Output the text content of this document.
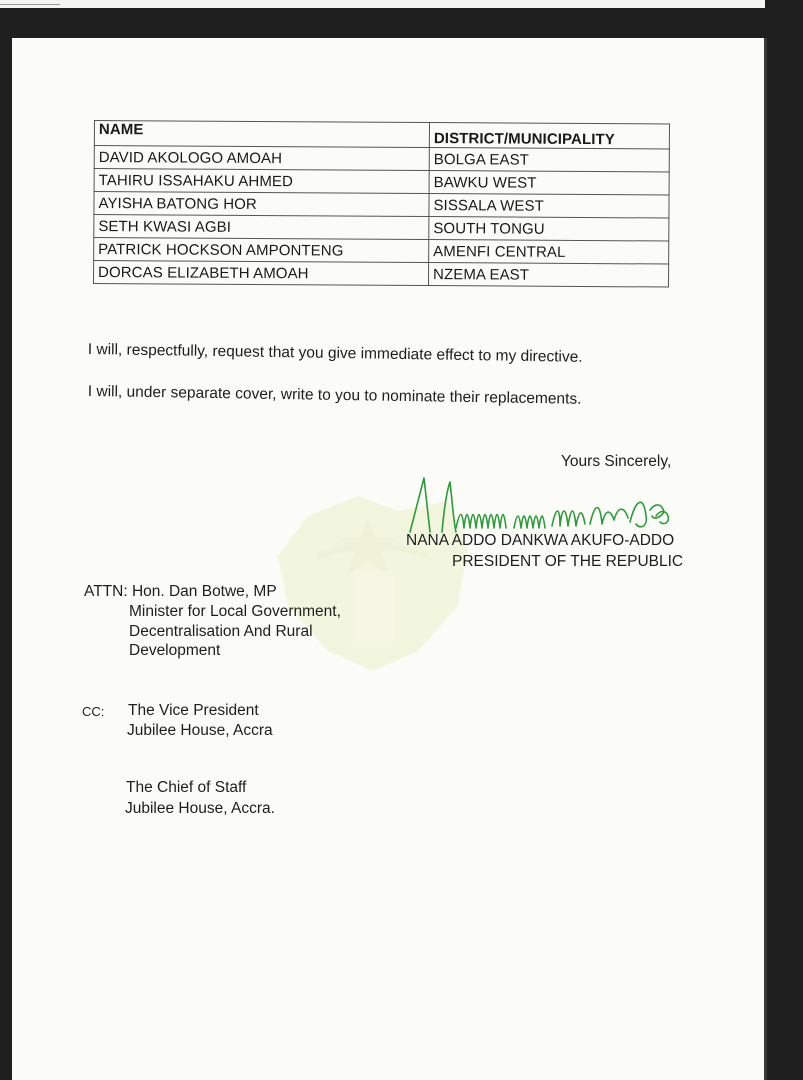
NAME	DISTRICT/MUNICIPALITY
DAVID AKOLOGO AMOAH	BOLGA EAST
TAHIRU ISSAHAKU AHMED	BAWKU WEST
AYISHA BATONG HOR	SISSALA WEST
SETH KWASI AGBI	SOUTH TONGU
PATRICK HOCKSON AMPONTENG	AMENFI CENTRAL
DORCAS ELIZABETH AMOAH	NZEMA EAST
I will, respectfully, request that you give immediate effect to my directive.
I will, under separate cover, write to you to nominate their replacements.
Yours Sincerely,
NANA ADDO DANKWA AKUFO-ADDO
PRESIDENT OF THE REPUBLIC
ATTN: Hon. Dan Botwe, MP
Minister for Local Government,
Decentralisation And Rural
Development
CC: The Vice President
Jubilee House, Accra
The Chief of Staff
Jubilee House, Accra.
